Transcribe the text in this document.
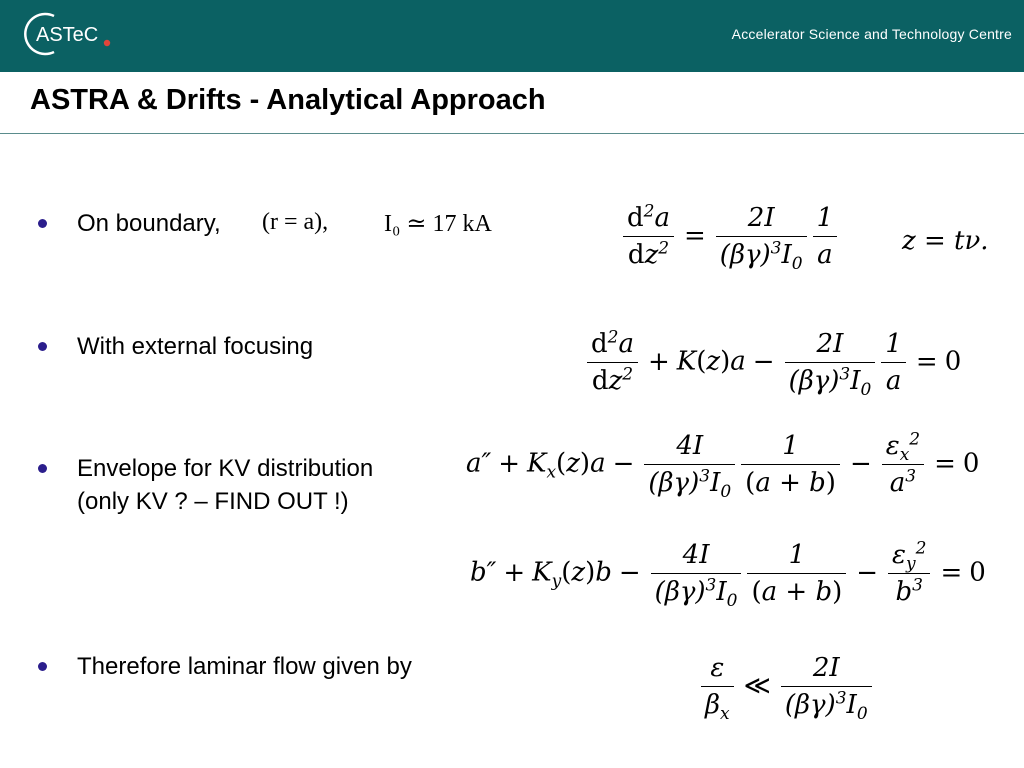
ASTeC	Accelerator Science and Technology Centre
ASTRA & Drifts - Analytical Approach
On boundary, (r = a), I₀ ≃ 17 kA	$\frac{d^2a}{dz^2} = \frac{2I}{(\beta\gamma)^3I_0} \frac{1}{a}$ z = tν.
With external focusing	$\frac{d^2a}{dz^2} + K(z)a - \frac{2I}{(\beta\gamma)^3I_0} \frac{1}{a} = 0$
Envelope for KV distribution
(only KV ? – FIND OUT !)
$a'' + K_x(z)a - \frac{4I}{(\beta\gamma)^3I_0} \frac{1}{(a + b)} - \frac{\varepsilon_x^2}{a^3} = 0$
$b'' + K_y(z)b - \frac{4I}{(\beta\gamma)^3I_0} \frac{1}{(a + b)} - \frac{\varepsilon_y^2}{b^3} = 0$
Therefore laminar flow given by	$\frac{\varepsilon}{\beta_x}$ ≪ $\frac{2I}{(\beta\gamma)^3I_0}$
